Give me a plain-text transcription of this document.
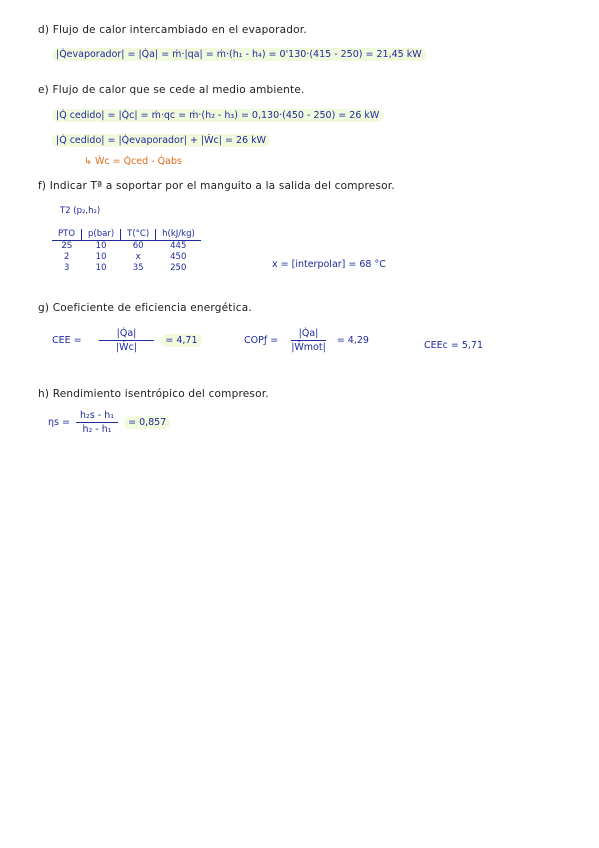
d) Flujo de calor intercambiado en el evaporador.
|Q̇evaporador| = |Q̇a| = ṁ·|qa| = ṁ·(h₁ - h₄) = 0'130·(415 - 250) = 21,45 kW
e) Flujo de calor que se cede al medio ambiente.
|Q̇ cedido| = |Q̇c| = ṁ·qc = ṁ·(h₂ - h₃) = 0,130·(450 - 250) = 26 kW
|Q̇ cedido| = |Q̇evaporador| + |Ẇc| = 26 kW
↳ Ẇc = Q̇ced - Q̇abs
f) Indicar Tª a soportar por el manguito a la salida del compresor.
T2 (p₂,h₂)
PTO	p(bar)	T(°C)	h(kJ/kg)
2S	10	60	445
2	10	x	450
3	10	35	250	x = [interpolar] = 68 °C
g) Coeficiente de eficiencia energética.
CEE = $\frac{|Q̇a|}{\text{|Ẇc|}} = 4,71$	COPƒ = $\frac{|Q̇a|}{\text{|Ẇmot|}} = 4,29$	CEEc = 5,71
h) Rendimiento isentrópico del compresor.
$\eta s = \frac{\text{h₂s - h₁}}{\text{h₂ - h₁}} = 0,857$
